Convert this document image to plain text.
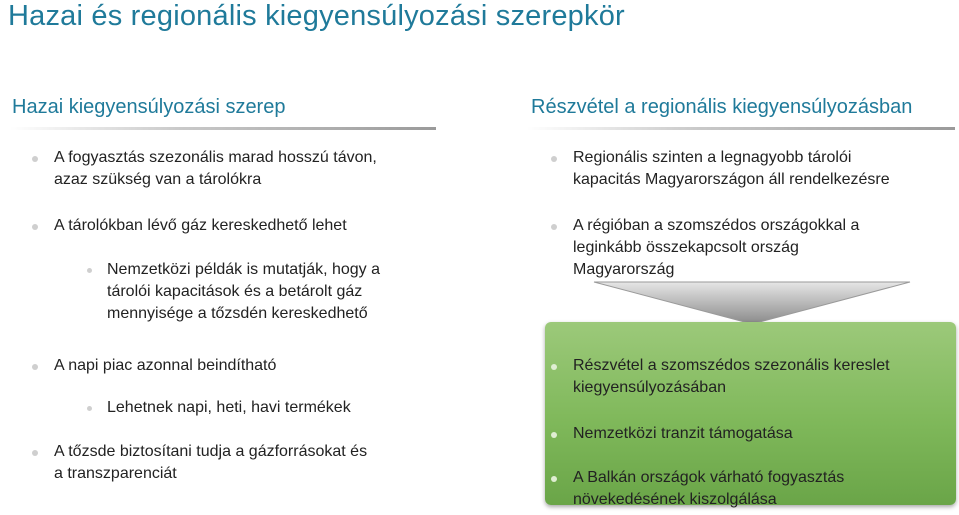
Hazai és regionális kiegyensúlyozási szerepkör
Hazai kiegyensúlyozási szerep	Részvétel a regionális kiegyensúlyozásban
A fogyasztás szezonális marad hosszú távon,
azaz szükség van a tárolókra
A tárolókban lévő gáz kereskedhető lehet
Nemzetközi példák is mutatják, hogy a
tárolói kapacitások és a betárolt gáz
mennyisége a tőzsdén kereskedhető
A napi piac azonnal beindítható
Lehetnek napi, heti, havi termékek
A tőzsde biztosítani tudja a gázforrásokat és
a transzparenciát
Regionális szinten a legnagyobb tárolói
kapacitás Magyarországon áll rendelkezésre
A régióban a szomszédos országokkal a
leginkább összekapcsolt ország
Magyarország
Részvétel a szomszédos szezonális kereslet
kiegyensúlyozásában
Nemzetközi tranzit támogatása
A Balkán országok várható fogyasztás
növekedésének kiszolgálása
